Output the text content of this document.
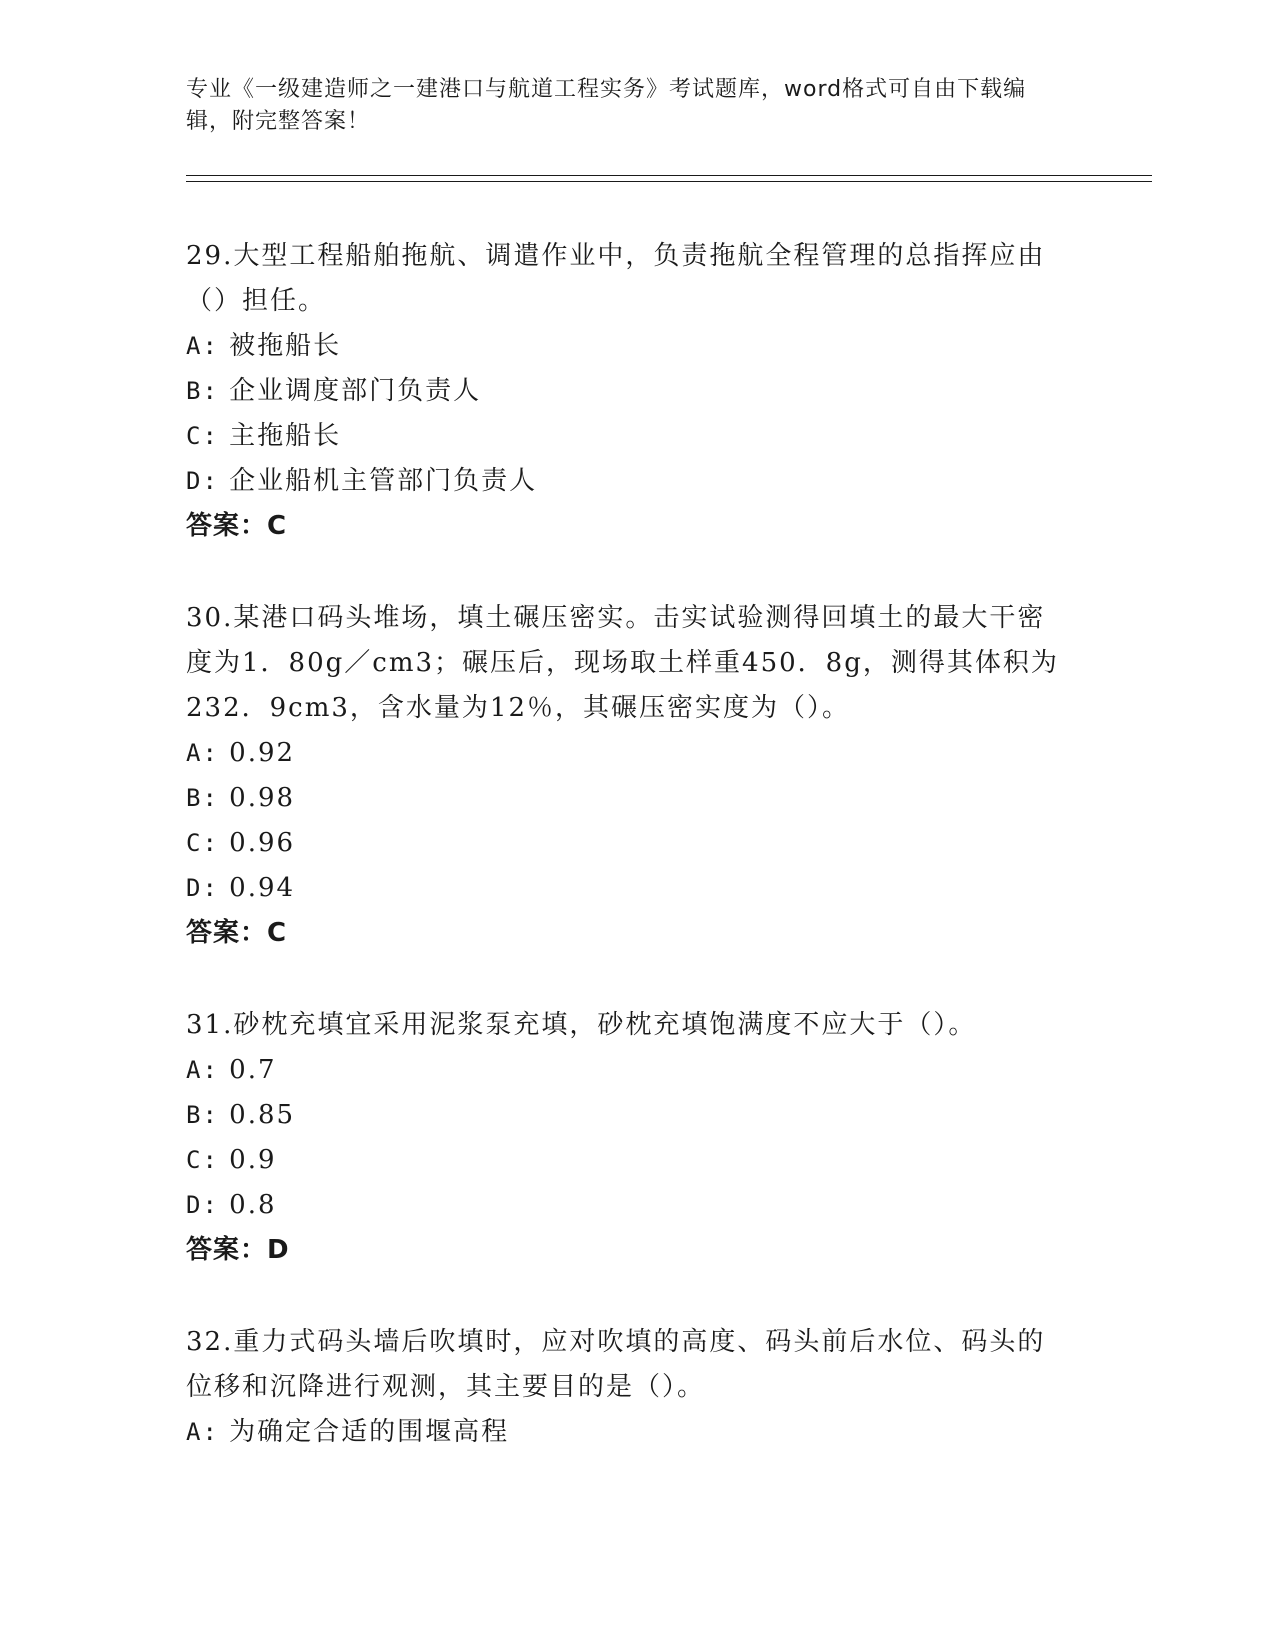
专业《一级建造师之一建港口与航道工程实务》考试题库，word格式可自由下载编辑，附完整答案！

29.大型工程船舶拖航、调遣作业中，负责拖航全程管理的总指挥应由（）担任。

A: 被拖船长

B: 企业调度部门负责人

C: 主拖船长

D: 企业船机主管部门负责人

答案：C

30.某港口码头堆场，填土碾压密实。击实试验测得回填土的最大干密度为1．80g／cm3；碾压后，现场取土样重450．8g，测得其体积为232．9cm3，含水量为12％，其碾压密实度为（）。

A: 0.92

B: 0.98

C: 0.96

D: 0.94

答案：C

31.砂枕充填宜采用泥浆泵充填，砂枕充填饱满度不应大于（）。

A: 0.7

B: 0.85

C: 0.9

D: 0.8

答案：D

32.重力式码头墙后吹填时，应对吹填的高度、码头前后水位、码头的位移和沉降进行观测，其主要目的是（）。

A: 为确定合适的围堰高程
